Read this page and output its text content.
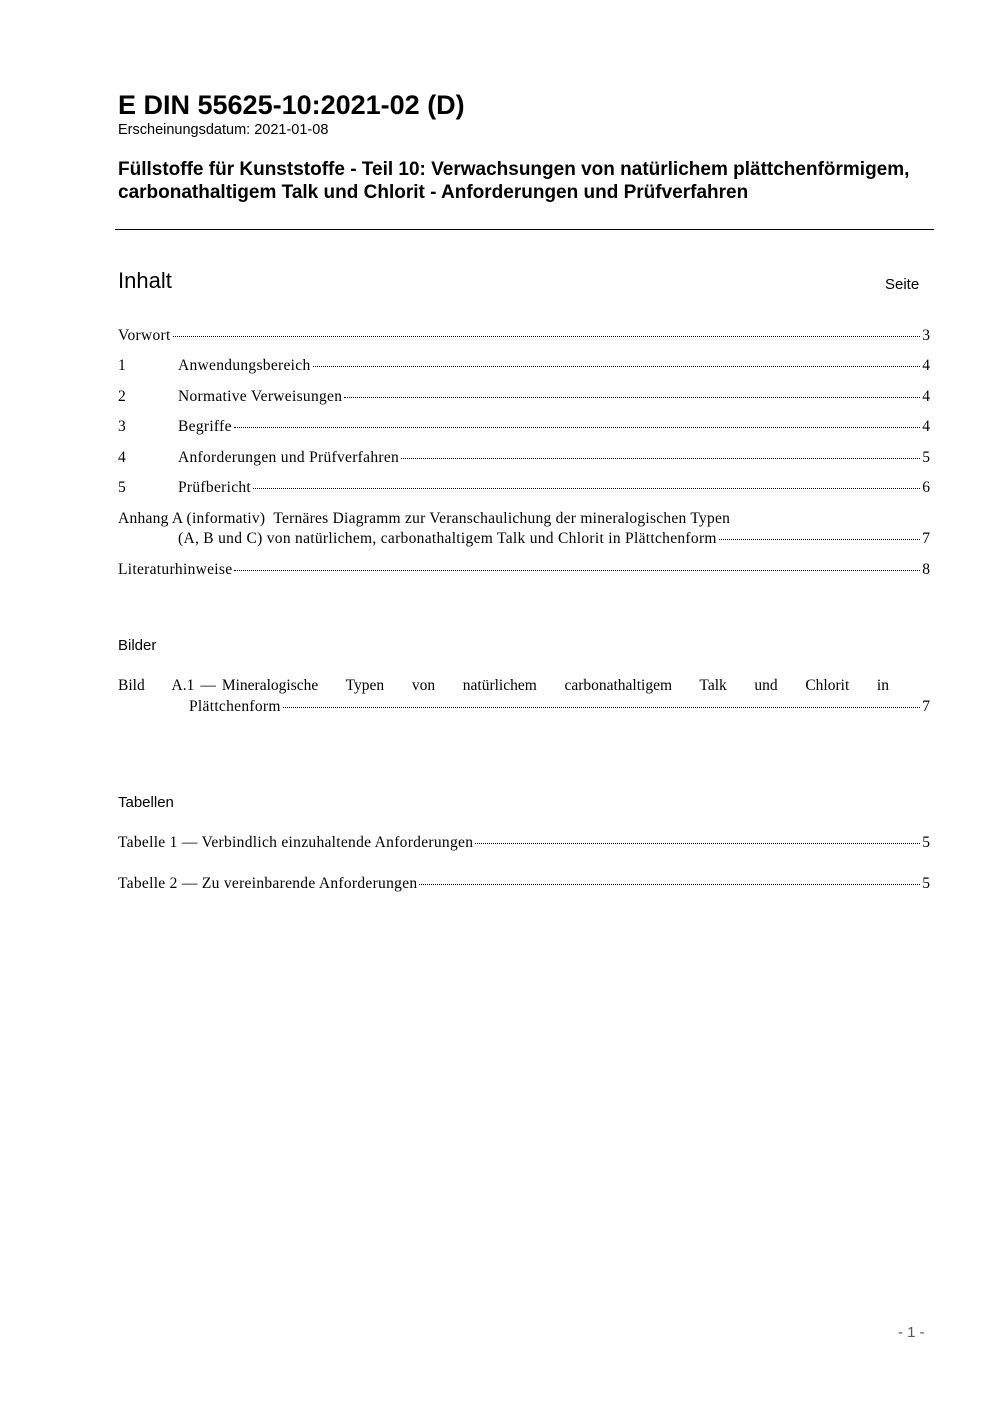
E DIN 55625-10:2021-02 (D)
Erscheinungsdatum: 2021-01-08
Füllstoffe für Kunststoffe - Teil 10: Verwachsungen von natürlichem plättchenförmigem, carbonathaltigem Talk und Chlorit - Anforderungen und Prüfverfahren
Inhalt	Seite
Vorwort	3
1	Anwendungsbereich	4
2	Normative Verweisungen	4
3	Begriffe	4
4	Anforderungen und Prüfverfahren	5
5	Prüfbericht	6
Anhang A (informativ) Ternäres Diagramm zur Veranschaulichung der mineralogischen Typen
(A, B und C) von natürlichem, carbonathaltigem Talk und Chlorit in Plättchenform	7
Literaturhinweise	8
Bilder
Bild A.1 — Mineralogische Typen von natürlichem carbonathaltigem Talk und Chlorit in
Plättchenform	7
Tabellen
Tabelle 1 — Verbindlich einzuhaltende Anforderungen	5
Tabelle 2 — Zu vereinbarende Anforderungen	5
- 1 -
